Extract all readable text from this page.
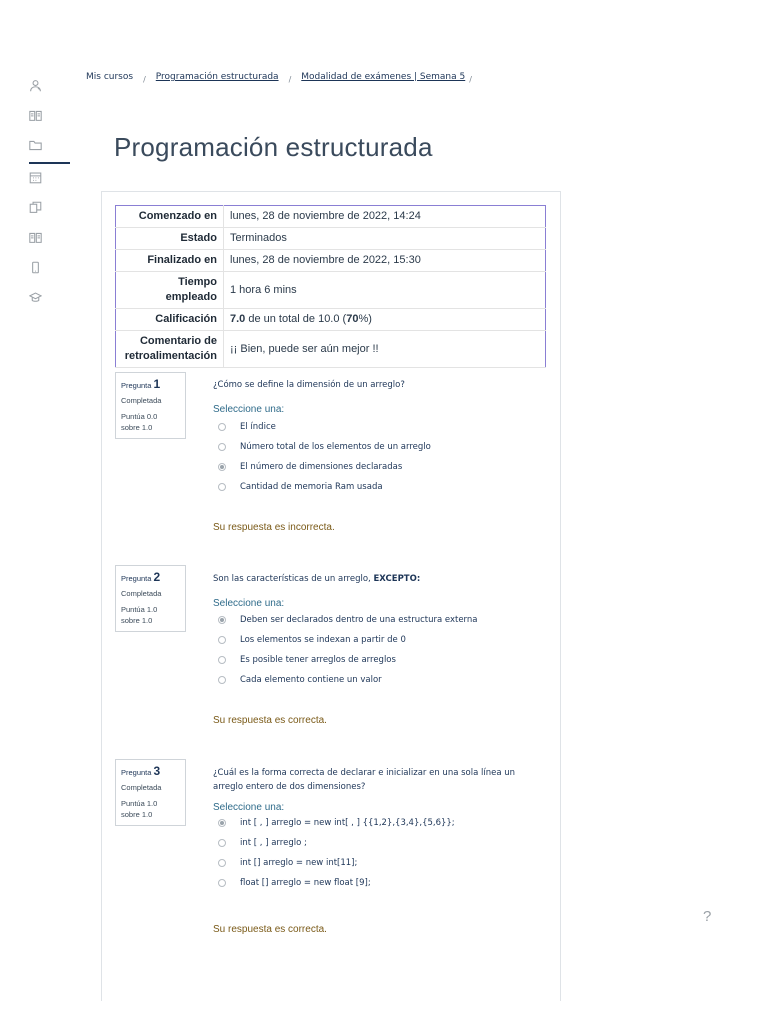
Mis cursos / Programación estructurada / Modalidad de exámenes | Semana 5 /
Programación estructurada
Comenzado en	lunes, 28 de noviembre de 2022, 14:24
Estado	Terminados
Finalizado en	lunes, 28 de noviembre de 2022, 15:30
Tiempo
empleado	1 hora 6 mins
Calificación	7.0 de un total de 10.0 (70%)
Comentario de
retroalimentación	¡¡ Bien, puede ser aún mejor !!
Pregunta 1
Completada
Puntúa 0.0
sobre 1.0
¿Cómo se define la dimensión de un arreglo?
Seleccione una:
El índice
Número total de los elementos de un arreglo
El número de dimensiones declaradas
Cantidad de memoria Ram usada
Su respuesta es incorrecta.
Pregunta 2
Completada
Puntúa 1.0
sobre 1.0
Son las características de un arreglo, EXCEPTO:
Seleccione una:
Deben ser declarados dentro de una estructura externa
Los elementos se indexan a partir de 0
Es posible tener arreglos de arreglos
Cada elemento contiene un valor
Su respuesta es correcta.
Pregunta 3
Completada
Puntúa 1.0
sobre 1.0
¿Cuál es la forma correcta de declarar e inicializar en una sola línea un
arreglo entero de dos dimensiones?
Seleccione una:
int [ , ] arreglo = new int[ , ] {{1,2},{3,4},{5,6}};
int [ , ] arreglo ;
int [] arreglo = new int[11];
float [] arreglo = new float [9];
Su respuesta es correcta.
?
